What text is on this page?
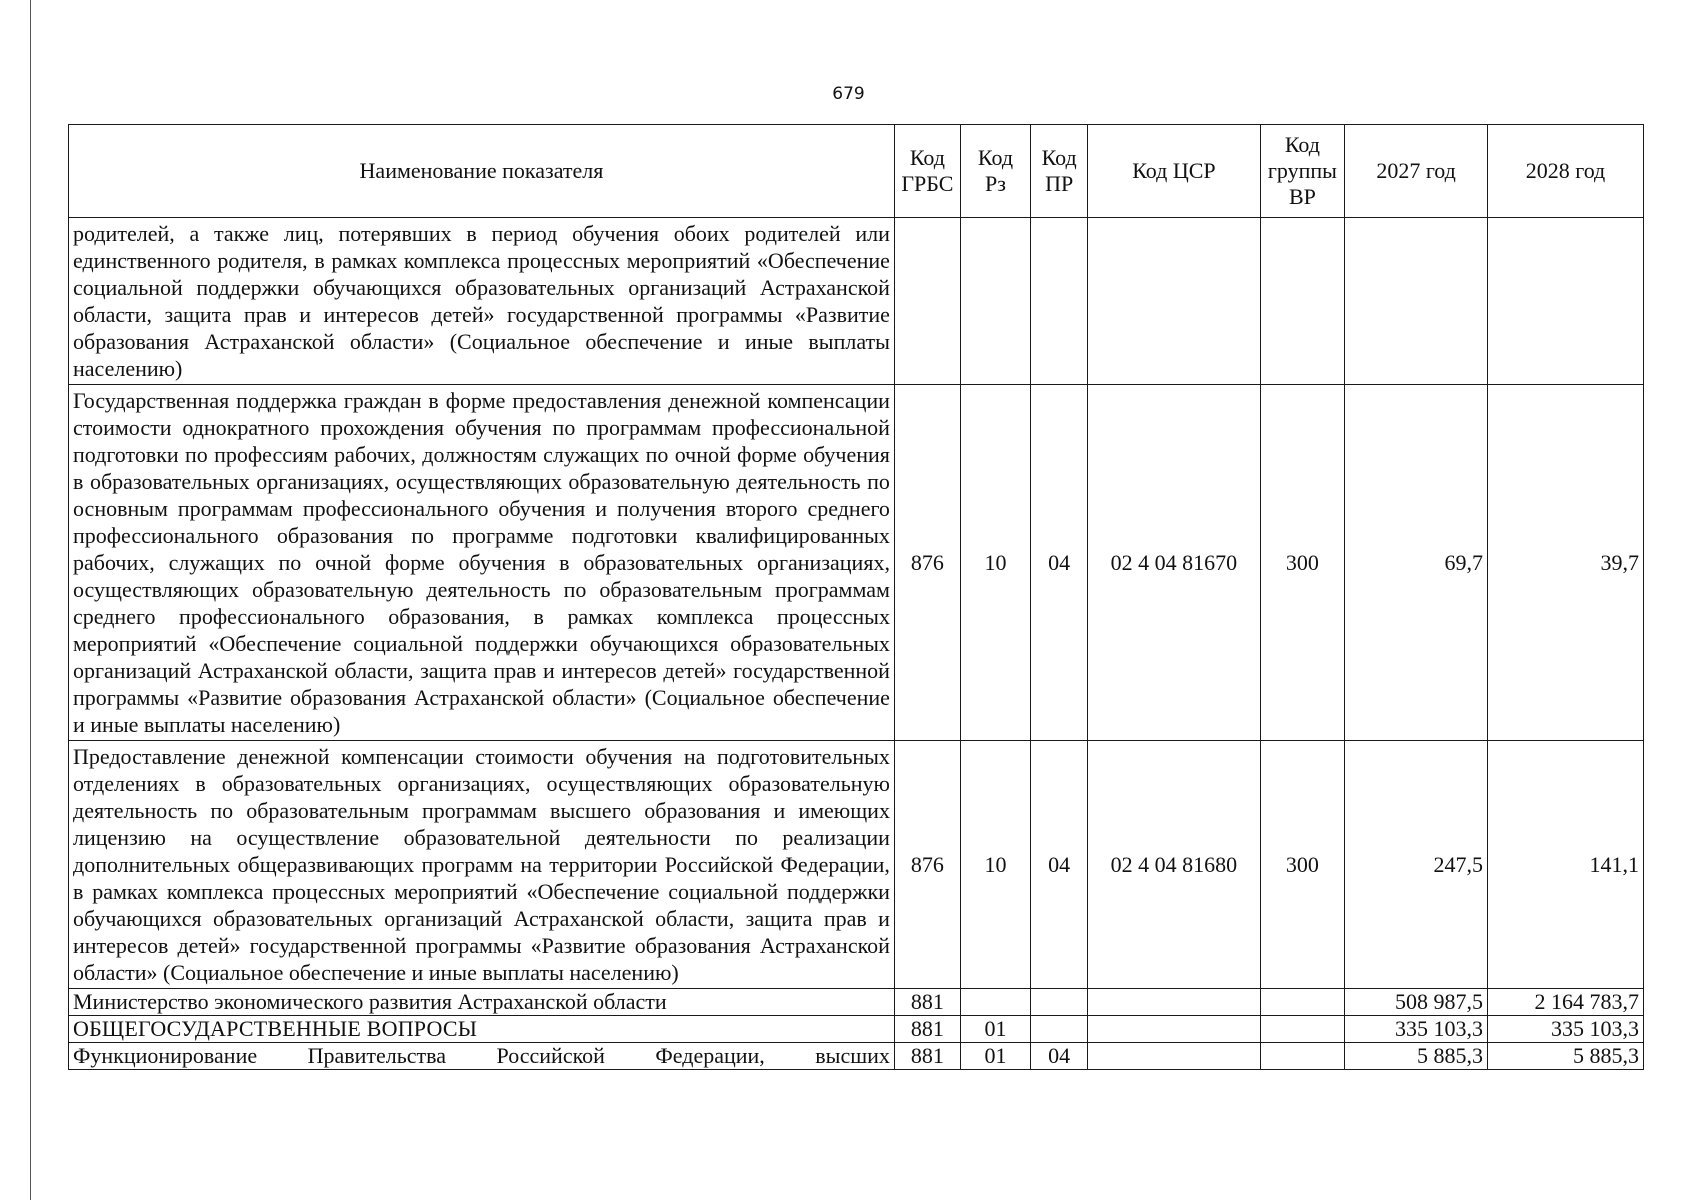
679
Наименование показателя	Код ГРБС	Код Рз	Код ПР	Код ЦСР	Код группы ВР	2027 год	2028 год
родителей, а также лиц, потерявших в период обучения обоих родителей или единственного родителя, в рамках комплекса процессных мероприятий «Обеспечение социальной поддержки обучающихся образовательных организаций Астраханской области, защита прав и интересов детей» государственной программы «Развитие образования Астраханской области» (Социальное обеспечение и иные выплаты населению)							
Государственная поддержка граждан в форме предоставления денежной компенсации стоимости однократного прохождения обучения по программам профессиональной подготовки по профессиям рабочих, должностям служащих по очной форме обучения в образовательных организациях, осуществляющих образовательную деятельность по основным программам профессионального обучения и получения второго среднего профессионального образования по программе подготовки квалифицированных рабочих, служащих по очной форме обучения в образовательных организациях, осуществляющих образовательную деятельность по образовательным программам среднего профессионального образования, в рамках комплекса процессных мероприятий «Обеспечение социальной поддержки обучающихся образовательных организаций Астраханской области, защита прав и интересов детей» государственной программы «Развитие образования Астраханской области» (Социальное обеспечение и иные выплаты населению)	876	10	04	02 4 04 81670	300	69,7	39,7
Предоставление денежной компенсации стоимости обучения на подготовительных отделениях в образовательных организациях, осуществляющих образовательную деятельность по образовательным программам высшего образования и имеющих лицензию на осуществление образовательной деятельности по реализации дополнительных общеразвивающих программ на территории Российской Федерации, в рамках комплекса процессных мероприятий «Обеспечение социальной поддержки обучающихся образовательных организаций Астраханской области, защита прав и интересов детей» государственной программы «Развитие образования Астраханской области» (Социальное обеспечение и иные выплаты населению)	876	10	04	02 4 04 81680	300	247,5	141,1
Министерство экономического развития Астраханской области	881					508 987,5	2 164 783,7
ОБЩЕГОСУДАРСТВЕННЫЕ ВОПРОСЫ	881	01				335 103,3	335 103,3
Функционирование Правительства Российской Федерации, высших	881	01	04			5 885,3	5 885,3
